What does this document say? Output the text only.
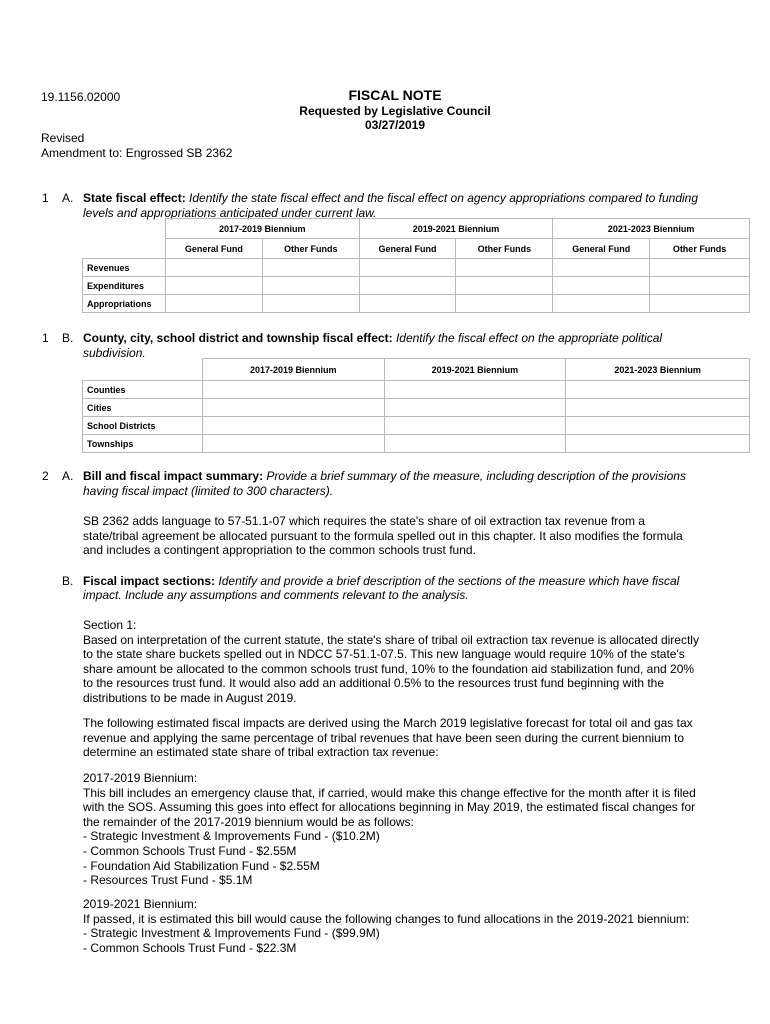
19.1156.02000	FISCAL NOTE
Requested by Legislative Council
03/27/2019
Revised
Amendment to: Engrossed SB 2362
1 A. State fiscal effect: Identify the state fiscal effect and the fiscal effect on agency appropriations compared to funding
levels and appropriations anticipated under current law.
	2017-2019 Biennium		2019-2021 Biennium		2021-2023 Biennium	
	General Fund	Other Funds	General Fund	Other Funds	General Fund	Other Funds
Revenues						
Expenditures						
Appropriations						
1 B. County, city, school district and township fiscal effect: Identify the fiscal effect on the appropriate political
subdivision.
	2017-2019 Biennium	2019-2021 Biennium	2021-2023 Biennium
Counties			
Cities			
School Districts			
Townships			
2 A. Bill and fiscal impact summary: Provide a brief summary of the measure, including description of the provisions
having fiscal impact (limited to 300 characters).
SB 2362 adds language to 57-51.1-07 which requires the state's share of oil extraction tax revenue from a
state/tribal agreement be allocated pursuant to the formula spelled out in this chapter. It also modifies the formula
and includes a contingent appropriation to the common schools trust fund.
B. Fiscal impact sections: Identify and provide a brief description of the sections of the measure which have fiscal
impact. Include any assumptions and comments relevant to the analysis.
Section 1:
Based on interpretation of the current statute, the state's share of tribal oil extraction tax revenue is allocated directly
to the state share buckets spelled out in NDCC 57-51.1-07.5. This new language would require 10% of the state's
share amount be allocated to the common schools trust fund, 10% to the foundation aid stabilization fund, and 20%
to the resources trust fund. It would also add an additional 0.5% to the resources trust fund beginning with the
distributions to be made in August 2019.
The following estimated fiscal impacts are derived using the March 2019 legislative forecast for total oil and gas tax
revenue and applying the same percentage of tribal revenues that have been seen during the current biennium to
determine an estimated state share of tribal extraction tax revenue:
2017-2019 Biennium:
This bill includes an emergency clause that, if carried, would make this change effective for the month after it is filed
with the SOS. Assuming this goes into effect for allocations beginning in May 2019, the estimated fiscal changes for
the remainder of the 2017-2019 biennium would be as follows:
- Strategic Investment & Improvements Fund - ($10.2M)
- Common Schools Trust Fund - $2.55M
- Foundation Aid Stabilization Fund - $2.55M
- Resources Trust Fund - $5.1M
2019-2021 Biennium:
If passed, it is estimated this bill would cause the following changes to fund allocations in the 2019-2021 biennium:
- Strategic Investment & Improvements Fund - ($99.9M)
- Common Schools Trust Fund - $22.3M
